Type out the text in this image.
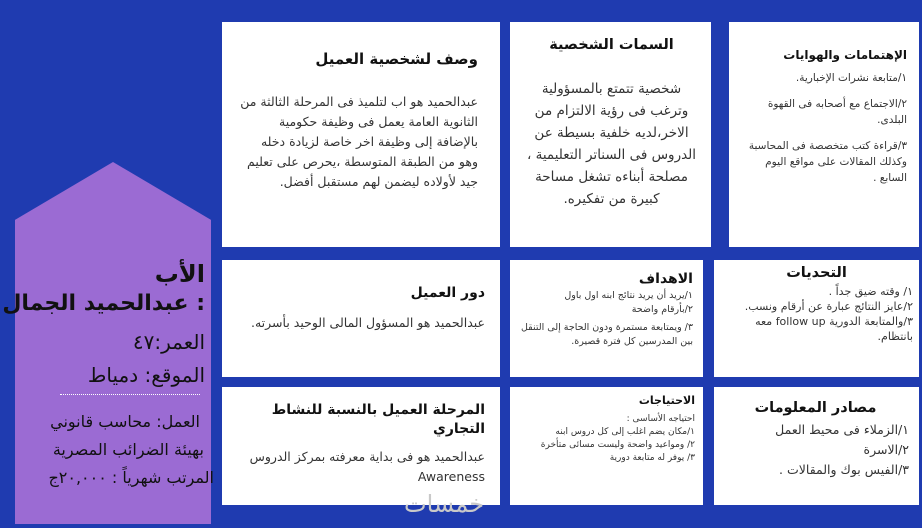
الأب
: عبدالحميد الجمال
العمر:٤٧
الموقع: دمياط
العمل: محاسب قانوني
بهيئة الضرائب المصرية
المرتب شهرياً : ٢٠,٠٠٠ج
وصف لشخصية العميل
عبدالحميد هو اب لتلميذ فى المرحلة الثالثة من الثانوية العامة يعمل فى وظيفة حكومية بالإضافة إلى وظيفة اخر خاصة لزيادة دخله وهو من الطبقة المتوسطة ،يحرص على تعليم جيد لأولاده ليضمن لهم مستقبل أفضل.
السمات الشخصية
شخصية تتمتع بالمسؤولية وترغب فى رؤية الالتزام من الاخر،لديه خلفية بسيطة عن الدروس فى السناتر التعليمية ، مصلحة أبناءه تشغل مساحة كبيرة من تفكيره.
الإهتمامات والهوايات
١/متابعة نشرات الإخبارية.
٢/الاجتماع مع أصحابه فى القهوة البلدى.
٣/قراءة كتب متخصصة فى المحاسبة وكذلك المقالات على مواقع اليوم السابع .
دور العميل
عبدالحميد هو المسؤول المالى الوحيد بأسرته.
الاهداف
١/يريد أن يريد نتائج ابنه اول باول
٢/بأرقام واضحة
٣/ ويمتابعة مستمرة ودون الحاجة إلى التنقل بين المدرسين كل فترة قصيرة.
التحديات
١/ وقته ضيق جداً .
٢/عايز النتائج عبارة عن أرقام ونسب.
٣/والمتابعة الدورية follow up معه بانتظام.
المرحلة العميل بالنسبة للنشاط التجاري
عبدالحميد هو فى بداية معرفته بمركز الدروس Awareness
الاحتياجات
احتياجه الأساسى :
١/مكان يضم اغلب إلى كل دروس ابنه
٢/ ومواعيد واضحة وليست مسائى متأخرة
٣/ يوفر له متابعة دورية
مصادر المعلومات
١/الزملاء فى محيط العمل
٢/الاسرة
٣/الفيس بوك والمقالات .
خمسات
